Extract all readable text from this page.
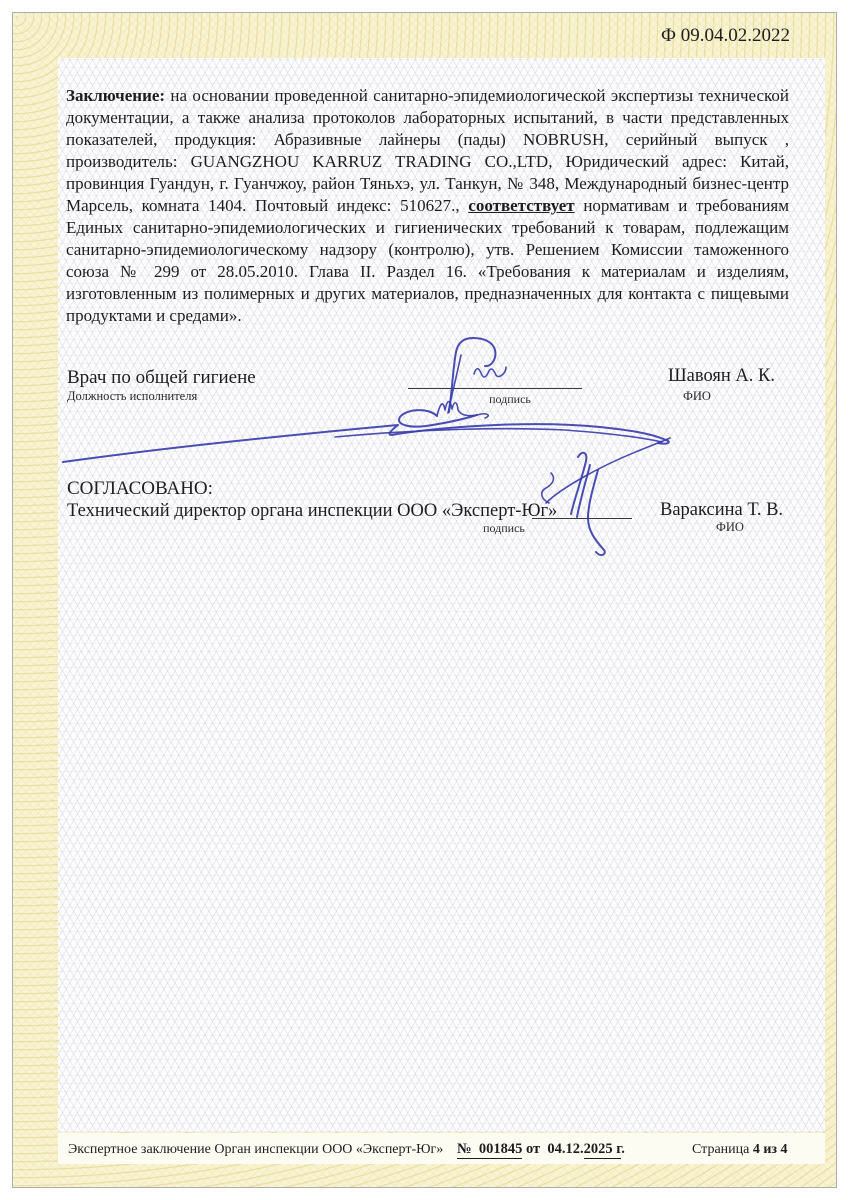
Ф 09.04.02.2022
Заключение: на основании проведенной санитарно-эпидемиологической экспертизы технической документации, а также анализа протоколов лабораторных испытаний, в части представленных показателей, продукция: Абразивные лайнеры (пады) NOBRUSH, серийный выпуск , производитель: GUANGZHOU KARRUZ TRADING CO.,LTD, Юридический адрес: Китай, провинция Гуандун, г. Гуанчжоу, район Тяньхэ, ул. Танкун, № 348, Международный бизнес-центр Марсель, комната 1404. Почтовый индекс: 510627., соответствует нормативам и требованиям Единых санитарно-эпидемиологических и гигиенических требований к товарам, подлежащим санитарно-эпидемиологическому надзору (контролю), утв. Решением Комиссии таможенного союза № 299 от 28.05.2010. Глава II. Раздел 16. «Требования к материалам и изделиям, изготовленным из полимерных и других материалов, предназначенных для контакта с пищевыми продуктами и средами».
Врач по общей гигиене
Должность исполнителя	подпись
Шавоян А. К.
ФИО
СОГЛАСОВАНО:
Технический директор органа инспекции ООО «Эксперт-Юг»
подпись
Вараксина Т. В.
ФИО
Экспертное заключение Орган инспекции ООО «Эксперт-Юг» №  001845 от  04.12.2025 г.	Страница 4 из 4
